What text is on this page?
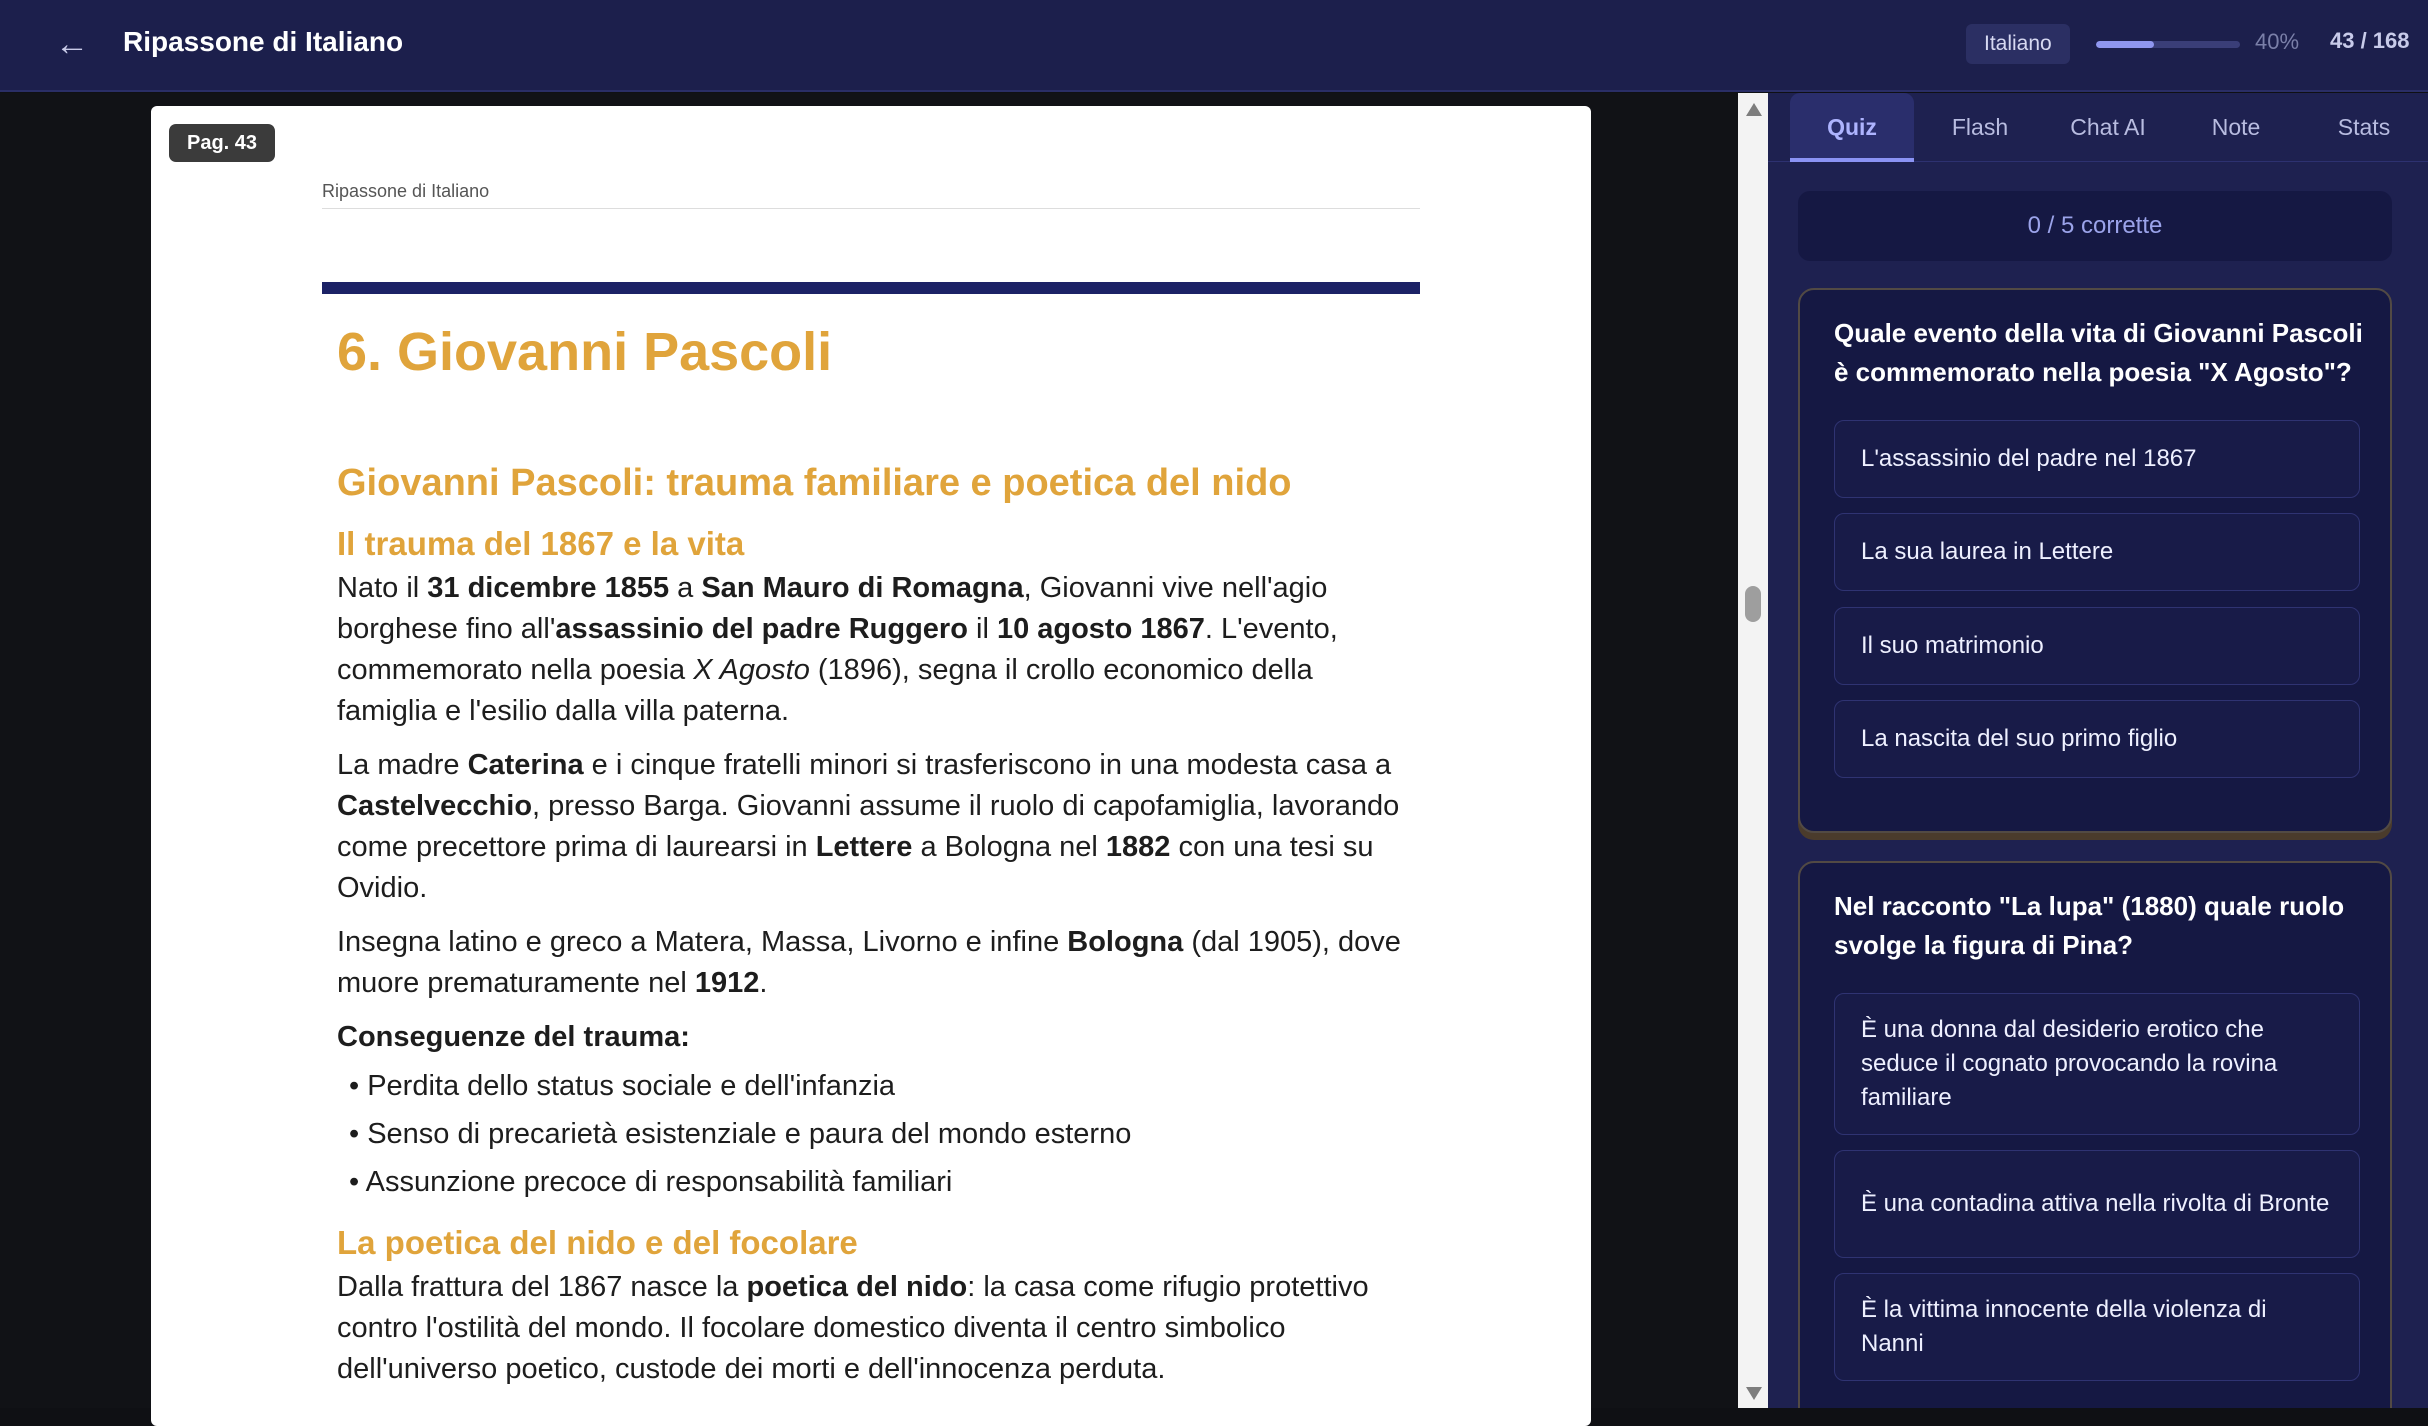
← Ripassone di Italiano	Italiano	40% 43 / 168
Pag. 43
Ripassone di Italiano
6. Giovanni Pascoli
Giovanni Pascoli: trauma familiare e poetica del nido
Il trauma del 1867 e la vita

Nato il 31 dicembre 1855 a San Mauro di Romagna, Giovanni vive nell'agio borghese fino all'assassinio del padre Ruggero il 10 agosto 1867. L'evento, commemorato nella poesia X Agosto (1896), segna il crollo economico della famiglia e l'esilio dalla villa paterna.

La madre Caterina e i cinque fratelli minori si trasferiscono in una modesta casa a Castelvecchio, presso Barga. Giovanni assume il ruolo di capofamiglia, lavorando come precettore prima di laurearsi in Lettere a Bologna nel 1882 con una tesi su Ovidio.

Insegna latino e greco a Matera, Massa, Livorno e infine Bologna (dal 1905), dove muore prematuramente nel 1912.

Conseguenze del trauma:
• Perdita dello status sociale e dell'infanzia
• Senso di precarietà esistenziale e paura del mondo esterno
• Assunzione precoce di responsabilità familiari
La poetica del nido e del focolare

Dalla frattura del 1867 nasce la poetica del nido: la casa come rifugio protettivo contro l'ostilità del mondo. Il focolare domestico diventa il centro simbolico dell'universo poetico, custode dei morti e dell'innocenza perduta.

Quiz	Flash	Chat AI	Note	Stats
0 / 5 corrette
Quale evento della vita di Giovanni Pascoli è commemorato nella poesia "X Agosto"?
L'assassinio del padre nel 1867
La sua laurea in Lettere
Il suo matrimonio
La nascita del suo primo figlio
Nel racconto "La lupa" (1880) quale ruolo svolge la figura di Pina?
È una donna dal desiderio erotico che seduce il cognato provocando la rovina familiare
È una contadina attiva nella rivolta di Bronte
È la vittima innocente della violenza di Nanni
